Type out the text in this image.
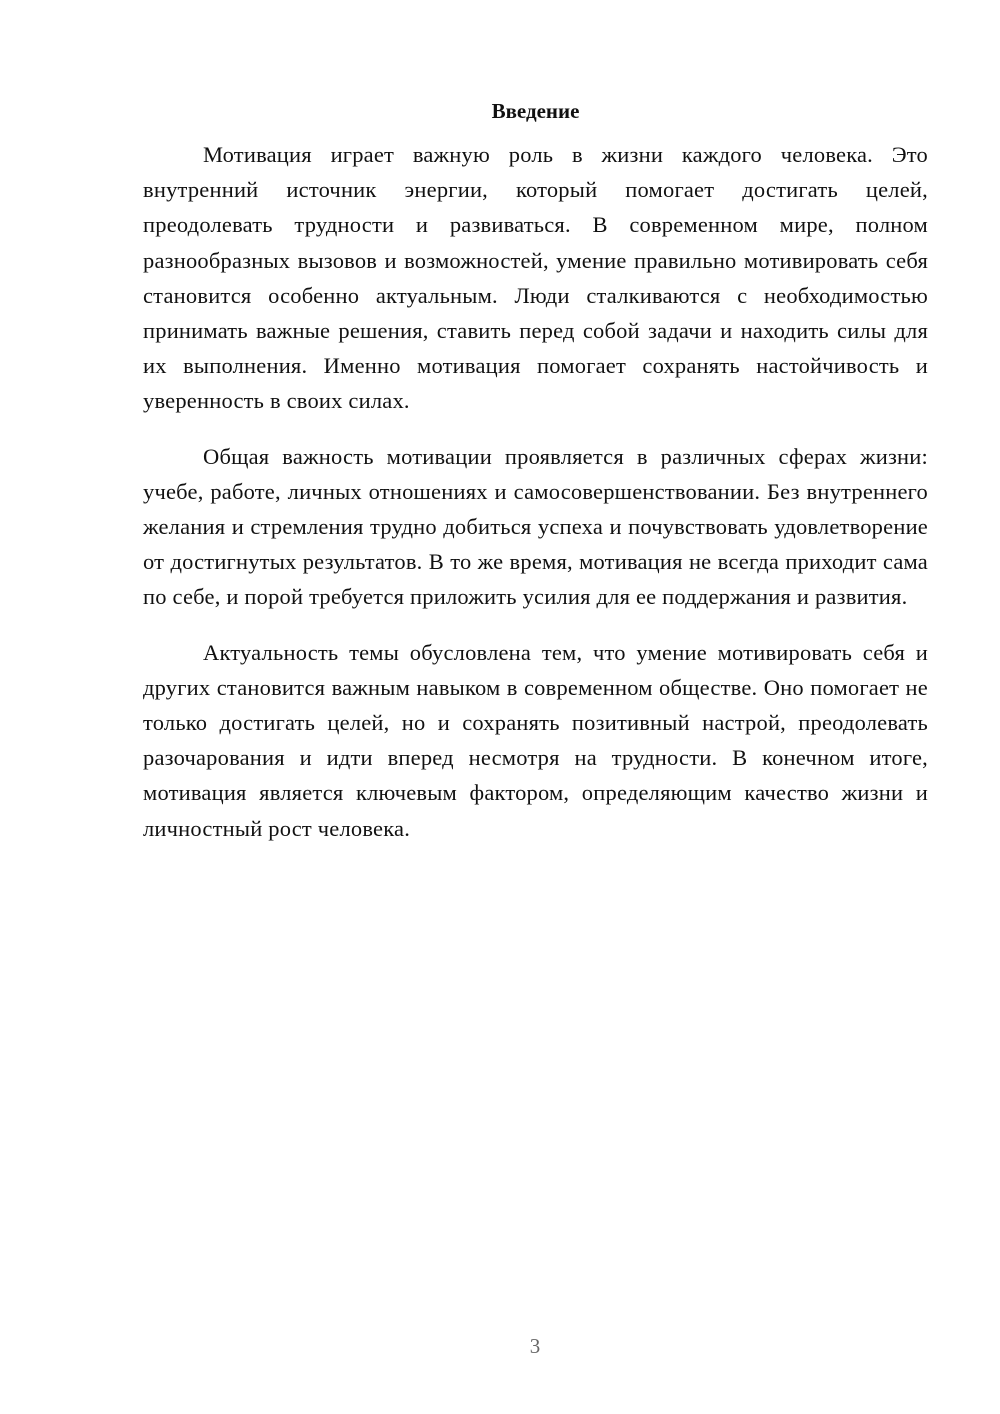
Введение

Мотивация играет важную роль в жизни каждого человека. Это внутренний источник энергии, который помогает достигать целей, преодолевать трудности и развиваться. В современном мире, полном разнообразных вызовов и возможностей, умение правильно мотивировать себя становится особенно актуальным. Люди сталкиваются с необходимостью принимать важные решения, ставить перед собой задачи и находить силы для их выполнения. Именно мотивация помогает сохранять настойчивость и уверенность в своих силах.

Общая важность мотивации проявляется в различных сферах жизни: учебе, работе, личных отношениях и самосовершенствовании. Без внутреннего желания и стремления трудно добиться успеха и почувствовать удовлетворение от достигнутых результатов. В то же время, мотивация не всегда приходит сама по себе, и порой требуется приложить усилия для ее поддержания и развития.

Актуальность темы обусловлена тем, что умение мотивировать себя и других становится важным навыком в современном обществе. Оно помогает не только достигать целей, но и сохранять позитивный настрой, преодолевать разочарования и идти вперед несмотря на трудности. В конечном итоге, мотивация является ключевым фактором, определяющим качество жизни и личностный рост человека.

3
